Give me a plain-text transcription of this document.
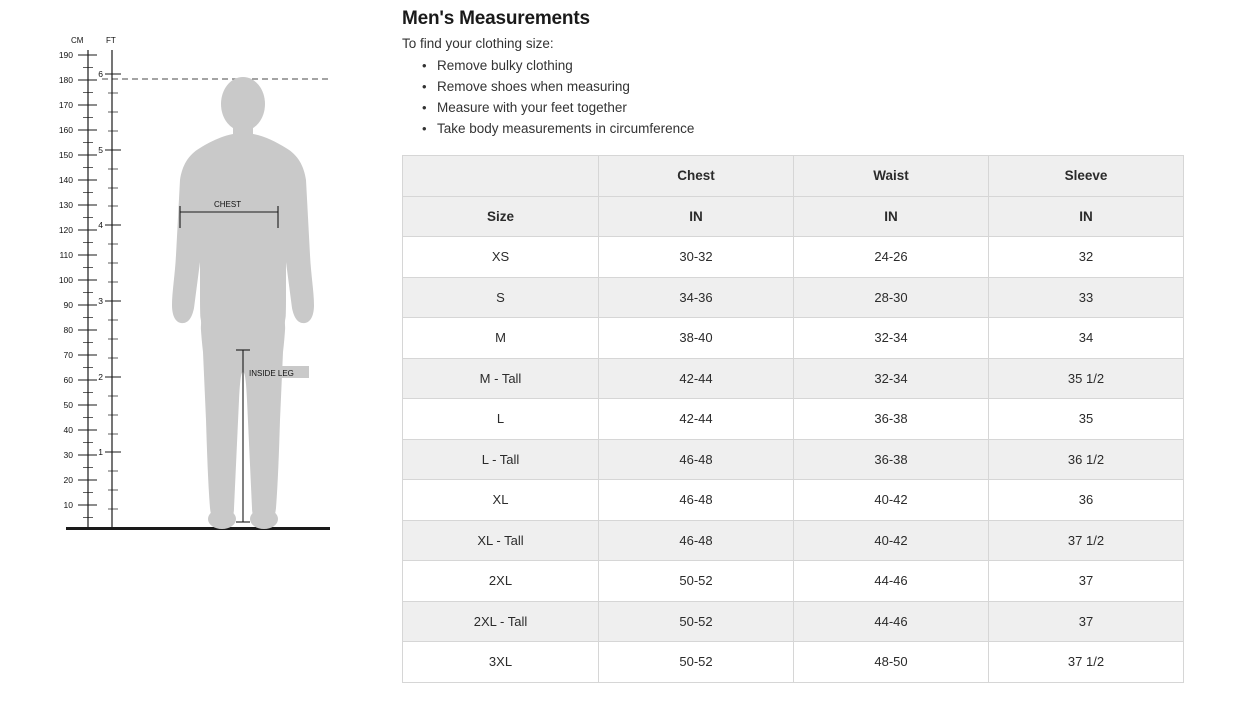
CM	FT
190
180
170
160
150
140
130
120
110
100
90
80
70
60
50
40
30
20
10
6
5
4
3
2
1
CHEST
INSIDE LEG
Men's Measurements

To find your clothing size:

• Remove bulky clothing
• Remove shoes when measuring
• Measure with your feet together
• Take body measurements in circumference
	Chest	Waist	Sleeve
Size	IN	IN	IN
XS	30-32	24-26	32
S	34-36	28-30	33
M	38-40	32-34	34
M - Tall	42-44	32-34	35 1/2
L	42-44	36-38	35
L - Tall	46-48	36-38	36 1/2
XL	46-48	40-42	36
XL - Tall	46-48	40-42	37 1/2
2XL	50-52	44-46	37
2XL - Tall	50-52	44-46	37
3XL	50-52	48-50	37 1/2
